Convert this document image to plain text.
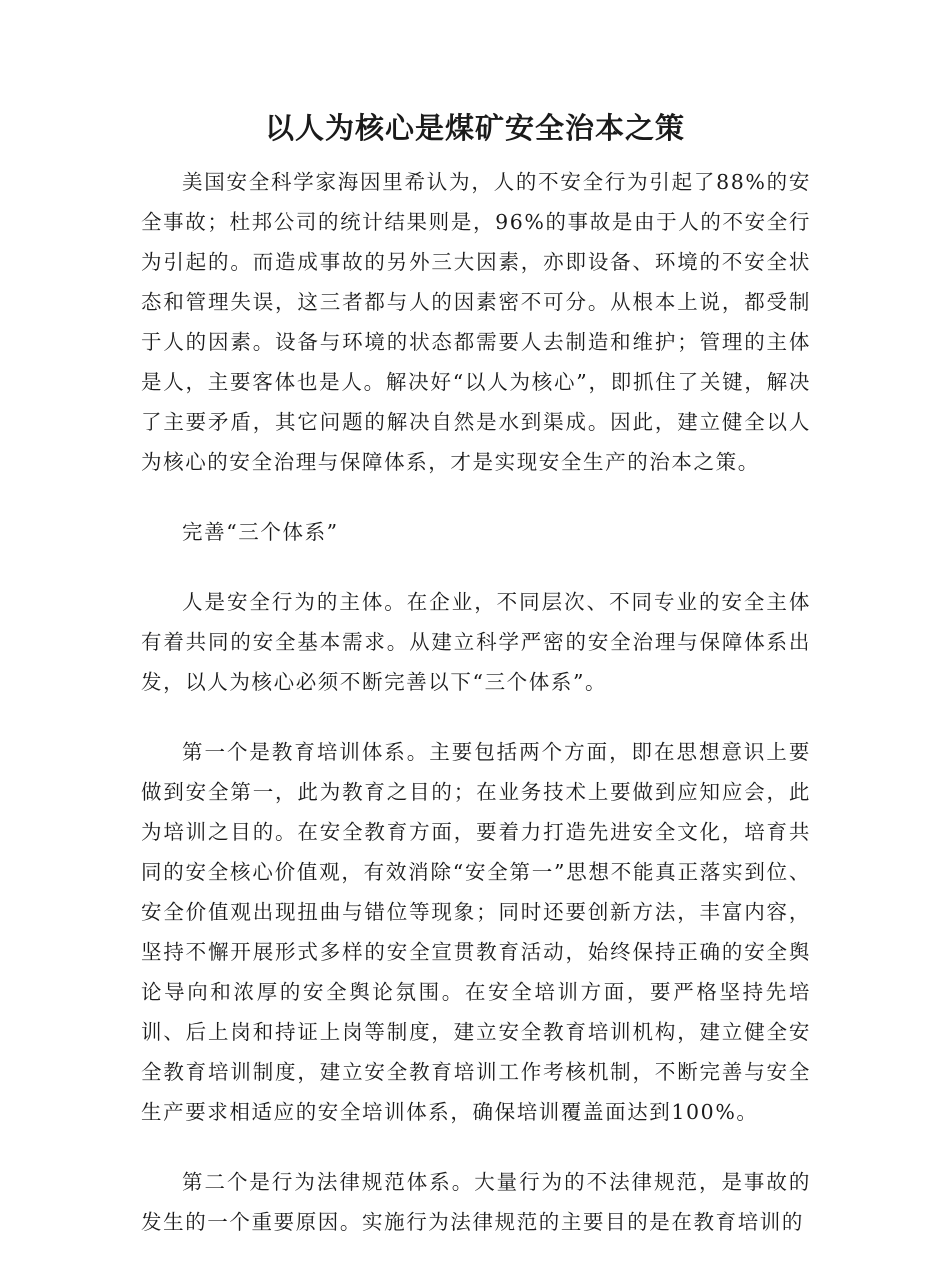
以人为核心是煤矿安全治本之策

美国安全科学家海因里希认为，人的不安全行为引起了88%的安全事故；杜邦公司的统计结果则是，96%的事故是由于人的不安全行为引起的。而造成事故的另外三大因素，亦即设备、环境的不安全状态和管理失误，这三者都与人的因素密不可分。从根本上说，都受制于人的因素。设备与环境的状态都需要人去制造和维护；管理的主体是人，主要客体也是人。解决好“以人为核心”，即抓住了关键，解决了主要矛盾，其它问题的解决自然是水到渠成。因此，建立健全以人为核心的安全治理与保障体系，才是实现安全生产的治本之策。

完善“三个体系”

人是安全行为的主体。在企业，不同层次、不同专业的安全主体有着共同的安全基本需求。从建立科学严密的安全治理与保障体系出发，以人为核心必须不断完善以下“三个体系”。

第一个是教育培训体系。主要包括两个方面，即在思想意识上要做到安全第一，此为教育之目的；在业务技术上要做到应知应会，此为培训之目的。在安全教育方面，要着力打造先进安全文化，培育共同的安全核心价值观，有效消除“安全第一”思想不能真正落实到位、安全价值观出现扭曲与错位等现象；同时还要创新方法，丰富内容，坚持不懈开展形式多样的安全宣贯教育活动，始终保持正确的安全舆论导向和浓厚的安全舆论氛围。在安全培训方面，要严格坚持先培训、后上岗和持证上岗等制度，建立安全教育培训机构，建立健全安全教育培训制度，建立安全教育培训工作考核机制，不断完善与安全生产要求相适应的安全培训体系，确保培训覆盖面达到100%。

第二个是行为法律规范体系。大量行为的不法律规范，是事故的发生的一个重要原因。实施行为法律规范的主要目的是在教育培训的
